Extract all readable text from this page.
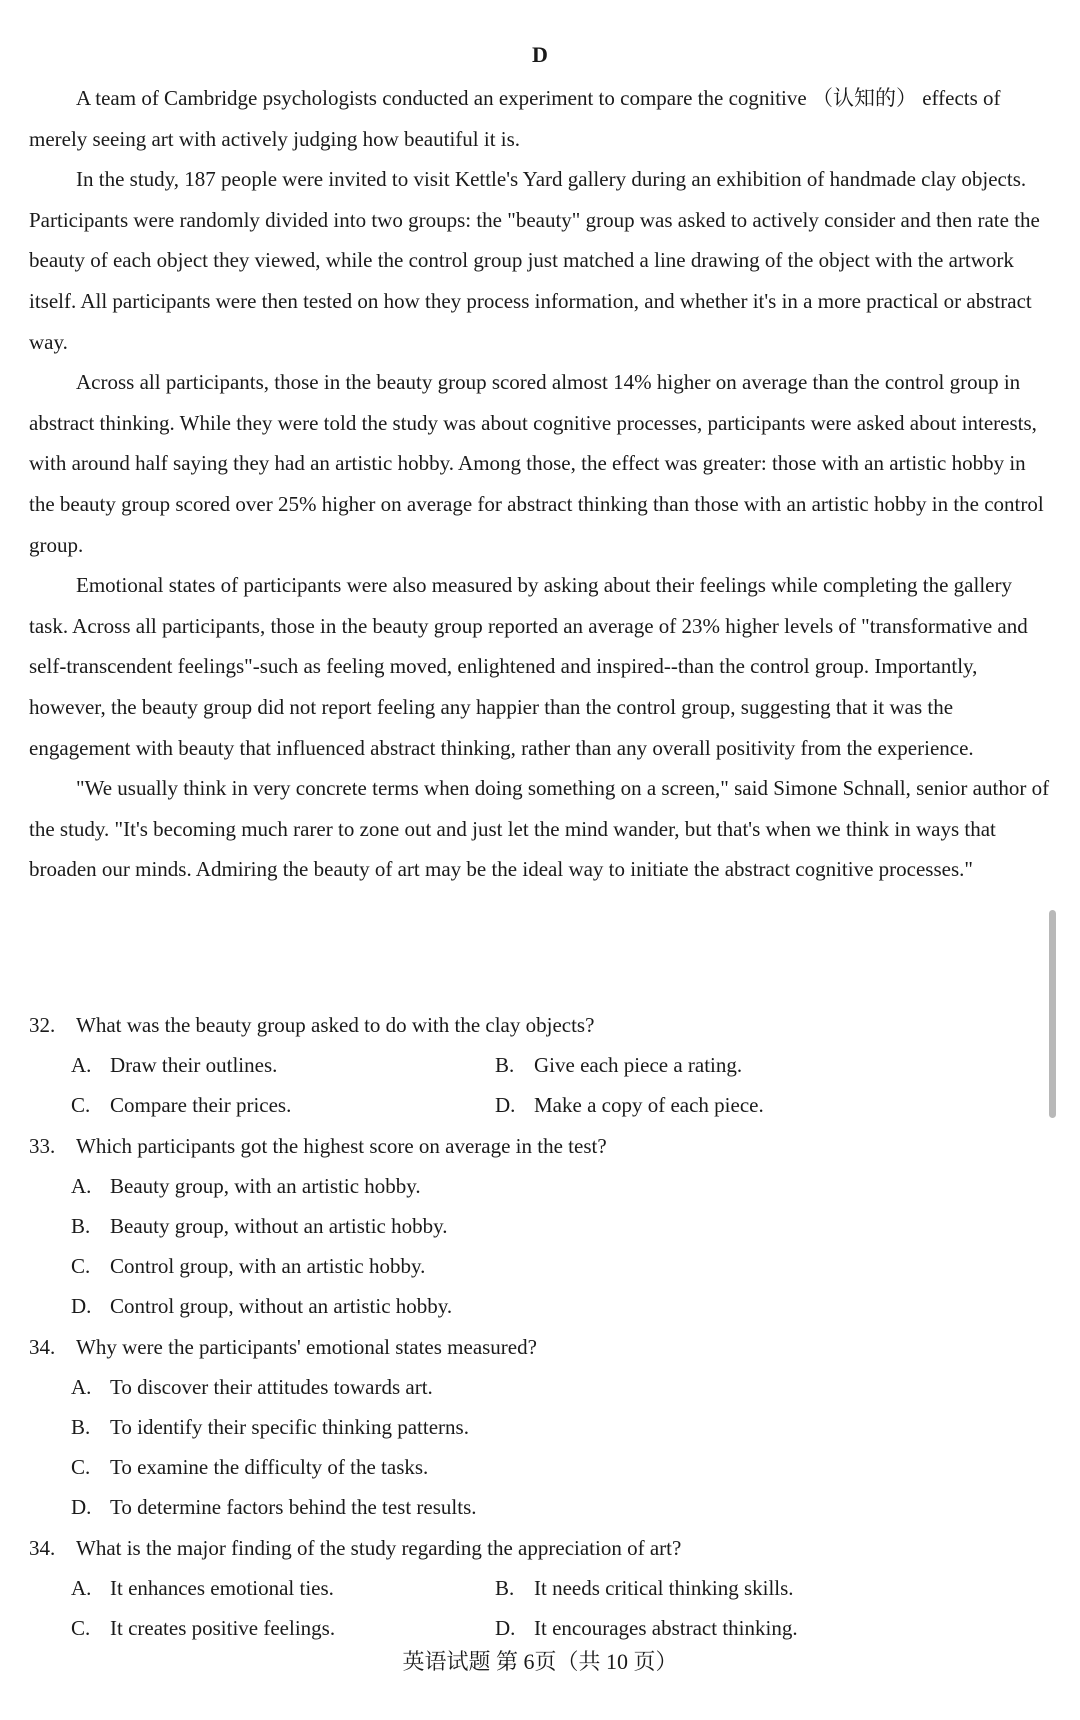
D

A team of Cambridge psychologists conducted an experiment to compare the cognitive （认知的） effects of merely seeing art with actively judging how beautiful it is.

In the study, 187 people were invited to visit Kettle's Yard gallery during an exhibition of handmade clay objects. Participants were randomly divided into two groups: the "beauty" group was asked to actively consider and then rate the beauty of each object they viewed, while the control group just matched a line drawing of the object with the artwork itself. All participants were then tested on how they process information, and whether it's in a more practical or abstract way.

Across all participants, those in the beauty group scored almost 14% higher on average than the control group in abstract thinking. While they were told the study was about cognitive processes, participants were asked about interests, with around half saying they had an artistic hobby. Among those, the effect was greater: those with an artistic hobby in the beauty group scored over 25% higher on average for abstract thinking than those with an artistic hobby in the control group.

Emotional states of participants were also measured by asking about their feelings while completing the gallery task. Across all participants, those in the beauty group reported an average of 23% higher levels of "transformative and self-transcendent feelings"-such as feeling moved, enlightened and inspired--than the control group. Importantly, however, the beauty group did not report feeling any happier than the control group, suggesting that it was the engagement with beauty that influenced abstract thinking, rather than any overall positivity from the experience.

"We usually think in very concrete terms when doing something on a screen," said Simone Schnall, senior author of the study. "It's becoming much rarer to zone out and just let the mind wander, but that's when we think in ways that broaden our minds. Admiring the beauty of art may be the ideal way to initiate the abstract cognitive processes."

32. What was the beauty group asked to do with the clay objects?
A. Draw their outlines.	B. Give each piece a rating.
C. Compare their prices.	D. Make a copy of each piece.
33. Which participants got the highest score on average in the test?
A. Beauty group, with an artistic hobby.
B. Beauty group, without an artistic hobby.
C. Control group, with an artistic hobby.
D. Control group, without an artistic hobby.
34. Why were the participants' emotional states measured?
A. To discover their attitudes towards art.
B. To identify their specific thinking patterns.
C. To examine the difficulty of the tasks.
D. To determine factors behind the test results.
34. What is the major finding of the study regarding the appreciation of art?
A. It enhances emotional ties.	B. It needs critical thinking skills.
C. It creates positive feelings.	D. It encourages abstract thinking.
英语试题 第 6页（共 10 页）
